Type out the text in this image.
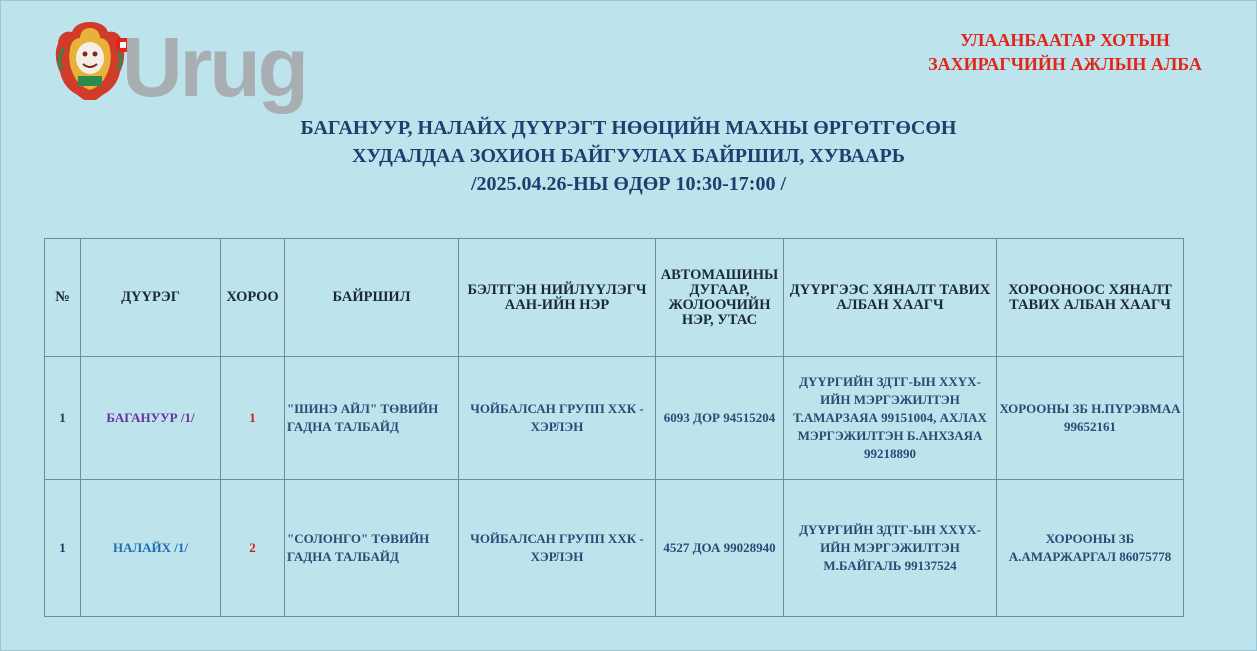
Urug	УЛААНБААТАР ХОТЫН
ЗАХИРАГЧИЙН АЖЛЫН АЛБА
БАГАНУУР, НАЛАЙХ ДҮҮРЭГТ НӨӨЦИЙН МАХНЫ ӨРГӨТГӨСӨН
ХУДАЛДАА ЗОХИОН БАЙГУУЛАХ БАЙРШИЛ, ХУВААРЬ
/2025.04.26-НЫ ӨДӨР 10:30-17:00 /
№	ДҮҮРЭГ	ХОРОО	БАЙРШИЛ	БЭЛТГЭН НИЙЛҮҮЛЭГЧ ААН-ИЙН НЭР	АВТОМАШИНЫ ДУГААР, ЖОЛООЧИЙН НЭР, УТАС	ДҮҮРГЭЭС ХЯНАЛТ ТАВИХ АЛБАН ХААГЧ	ХОРООНООС ХЯНАЛТ ТАВИХ АЛБАН ХААГЧ
1	БАГАНУУР /1/	1	"ШИНЭ АЙЛ" ТӨВИЙН ГАДНА ТАЛБАЙД	ЧОЙБАЛСАН ГРУПП ХХК - ХЭРЛЭН	6093 ДОР 94515204	ДҮҮРГИЙН ЗДТГ-ЫН ХХҮХ-ИЙН МЭРГЭЖИЛТЭН Т.АМАРЗАЯА 99151004, АХЛАХ МЭРГЭЖИЛТЭН Б.АНХЗАЯА 99218890	ХОРООНЫ ЗБ Н.ПҮРЭВМАА 99652161
1	НАЛАЙХ /1/	2	"СОЛОНГО" ТӨВИЙН ГАДНА ТАЛБАЙД	ЧОЙБАЛСАН ГРУПП ХХК - ХЭРЛЭН	4527 ДОА 99028940	ДҮҮРГИЙН ЗДТГ-ЫН ХХҮХ-ИЙН МЭРГЭЖИЛТЭН М.БАЙГАЛЬ 99137524	ХОРООНЫ ЗБ А.АМАРЖАРГАЛ 86075778
